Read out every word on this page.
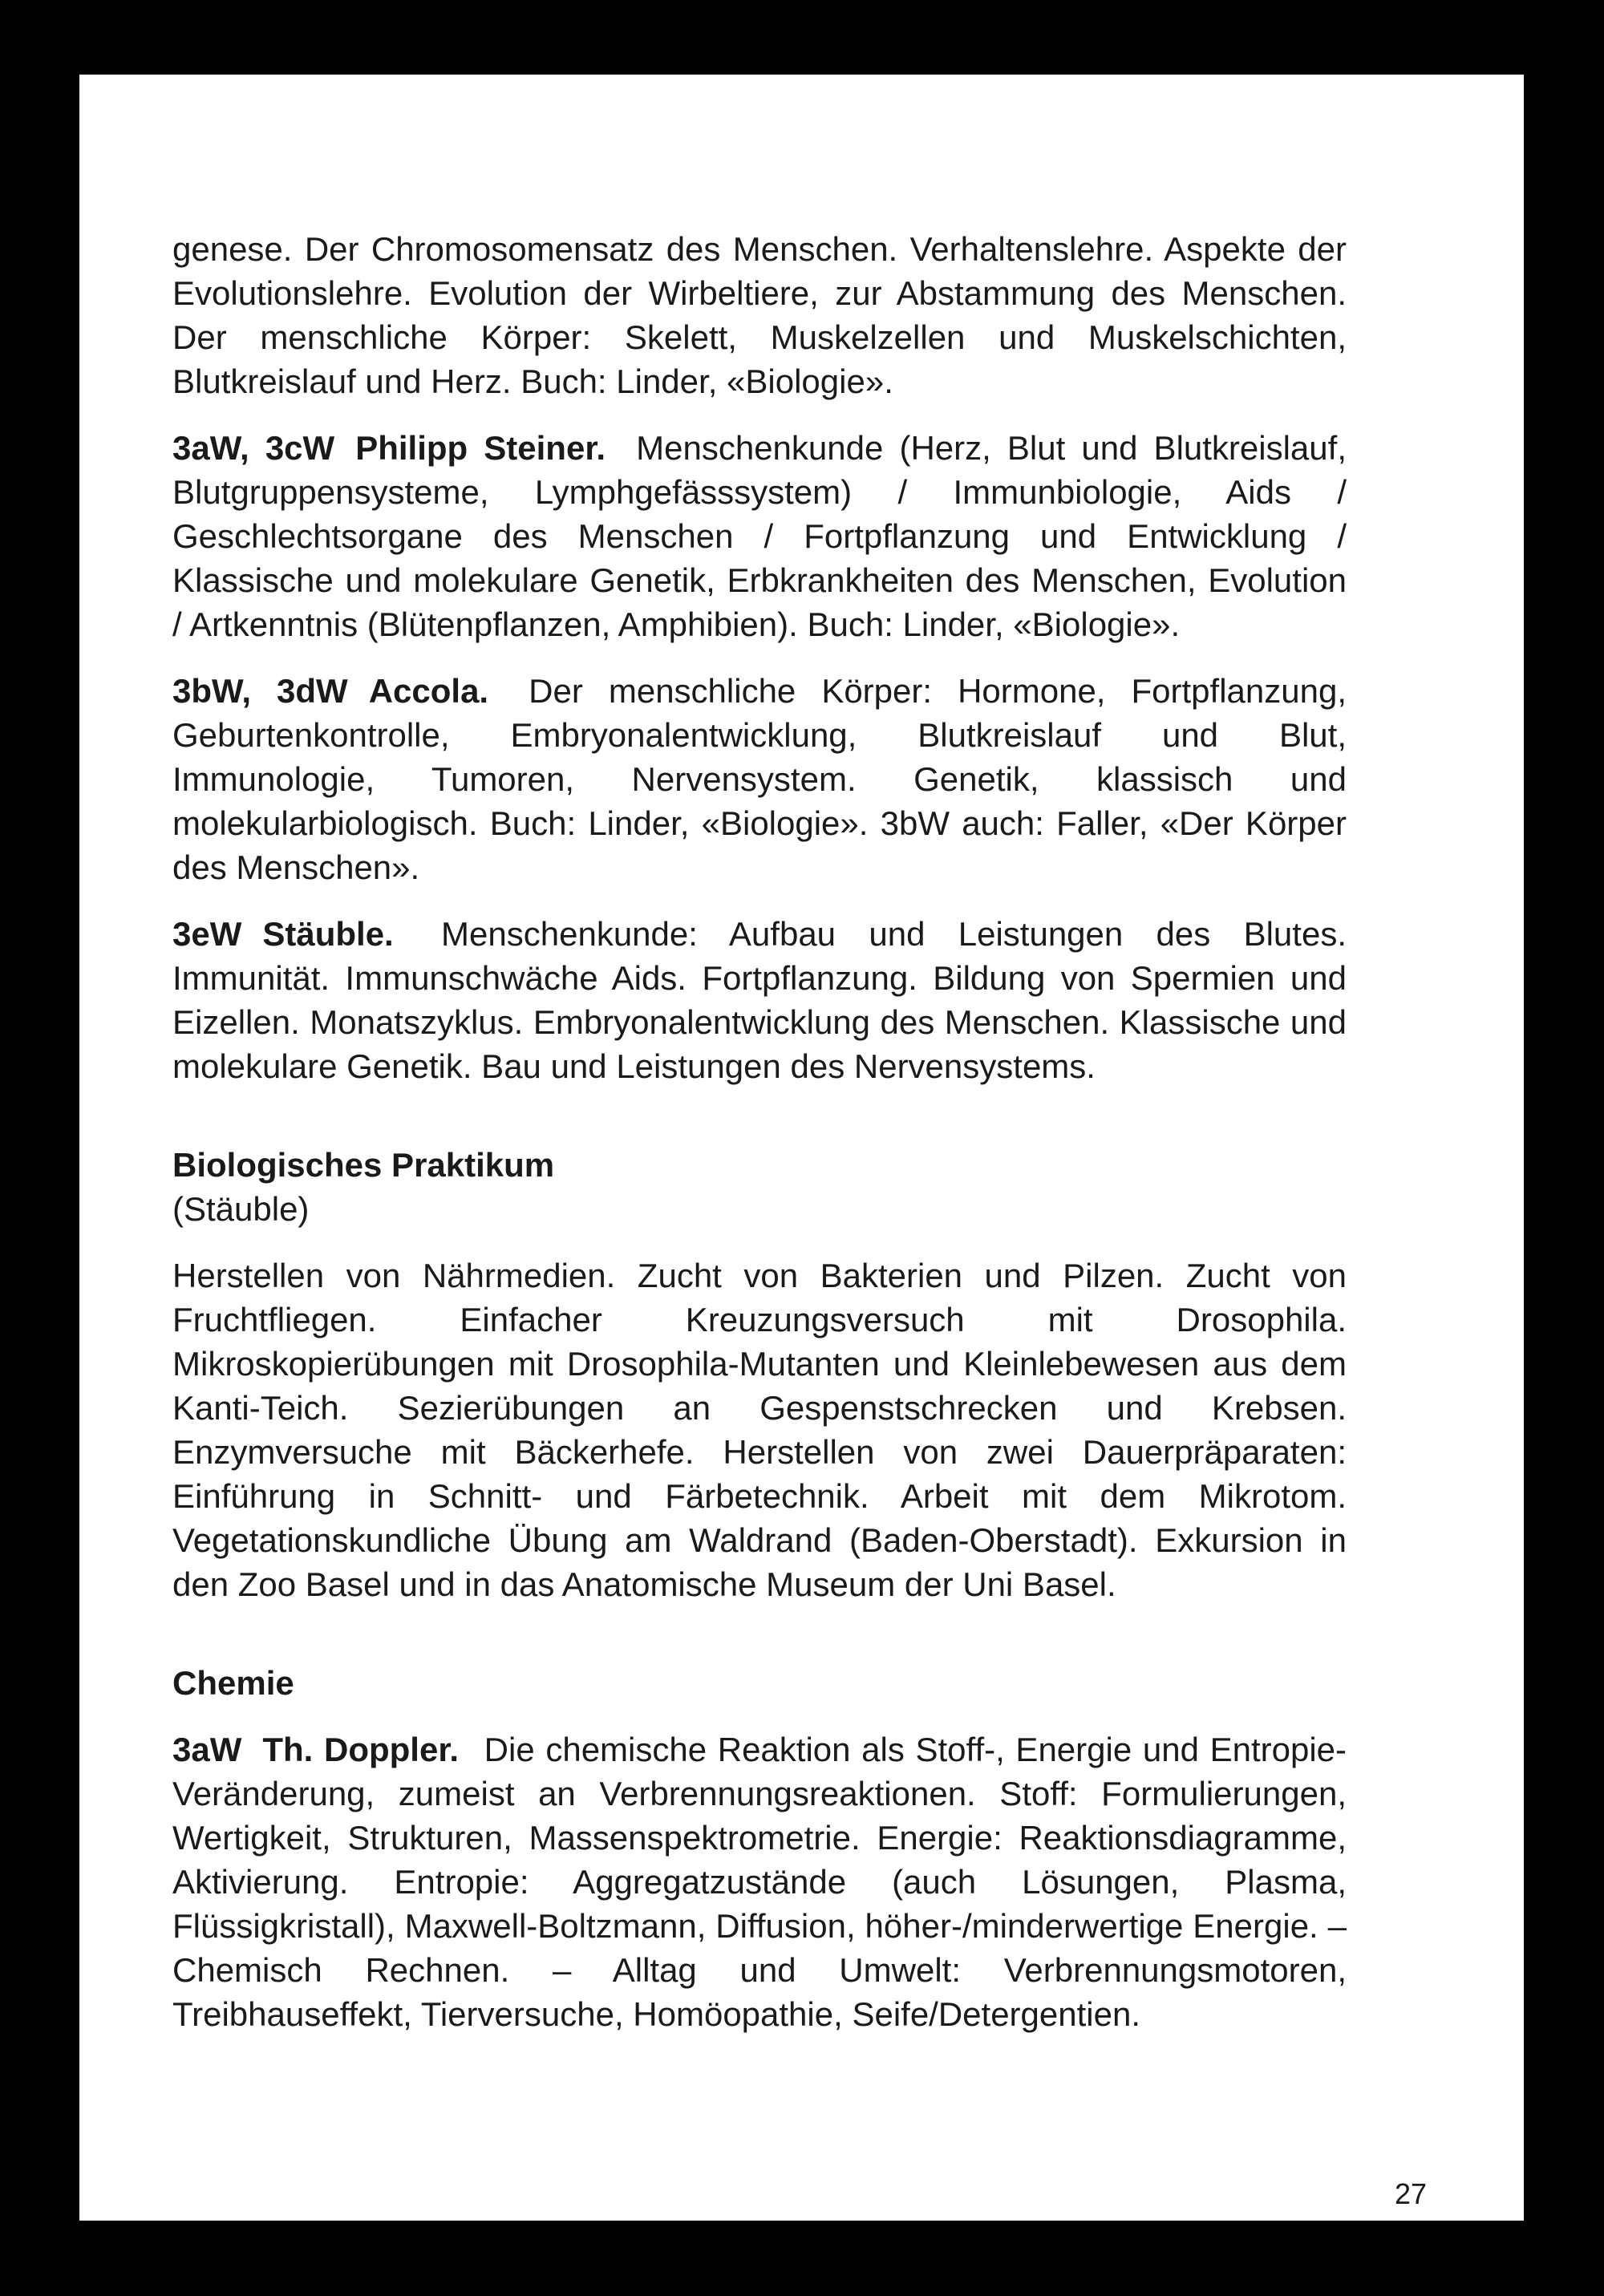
genese. Der Chromosomensatz des Menschen. Verhaltenslehre. Aspekte der Evolutionslehre. Evolution der Wirbeltiere, zur Abstammung des Menschen. Der menschliche Körper: Skelett, Muskelzellen und Muskelschichten, Blutkreislauf und Herz. Buch: Linder, «Biologie».

3aW, 3cW Philipp Steiner. Menschenkunde (Herz, Blut und Blutkreislauf, Blutgruppensysteme, Lymphgefässsystem) / Immunbiologie, Aids / Geschlechtsorgane des Menschen / Fortpflanzung und Entwicklung / Klassische und molekulare Genetik, Erbkrankheiten des Menschen, Evolution / Artkenntnis (Blütenpflanzen, Amphibien). Buch: Linder, «Biologie».

3bW, 3dW Accola. Der menschliche Körper: Hormone, Fortpflanzung, Geburtenkontrolle, Embryonalentwicklung, Blutkreislauf und Blut, Immunologie, Tumoren, Nervensystem. Genetik, klassisch und molekularbiologisch. Buch: Linder, «Biologie». 3bW auch: Faller, «Der Körper des Menschen».

3eW Stäuble. Menschenkunde: Aufbau und Leistungen des Blutes. Immunität. Immunschwäche Aids. Fortpflanzung. Bildung von Spermien und Eizellen. Monatszyklus. Embryonalentwicklung des Menschen. Klassische und molekulare Genetik. Bau und Leistungen des Nervensystems.

Biologisches Praktikum

(Stäuble)

Herstellen von Nährmedien. Zucht von Bakterien und Pilzen. Zucht von Fruchtfliegen. Einfacher Kreuzungsversuch mit Drosophila. Mikroskopierübungen mit Drosophila-Mutanten und Kleinlebewesen aus dem Kanti-Teich. Sezierübungen an Gespenstschrecken und Krebsen. Enzymversuche mit Bäckerhefe. Herstellen von zwei Dauerpräparaten: Einführung in Schnitt- und Färbetechnik. Arbeit mit dem Mikrotom. Vegetationskundliche Übung am Waldrand (Baden-Oberstadt). Exkursion in den Zoo Basel und in das Anatomische Museum der Uni Basel.

Chemie

3aW Th. Doppler. Die chemische Reaktion als Stoff-, Energie und Entropie-Veränderung, zumeist an Verbrennungsreaktionen. Stoff: Formulierungen, Wertigkeit, Strukturen, Massenspektrometrie. Energie: Reaktionsdiagramme, Aktivierung. Entropie: Aggregatzustände (auch Lösungen, Plasma, Flüssigkristall), Maxwell-Boltzmann, Diffusion, höher-/minderwertige Energie. – Chemisch Rechnen. – Alltag und Umwelt: Verbrennungsmotoren, Treibhauseffekt, Tierversuche, Homöopathie, Seife/Detergentien.

27
